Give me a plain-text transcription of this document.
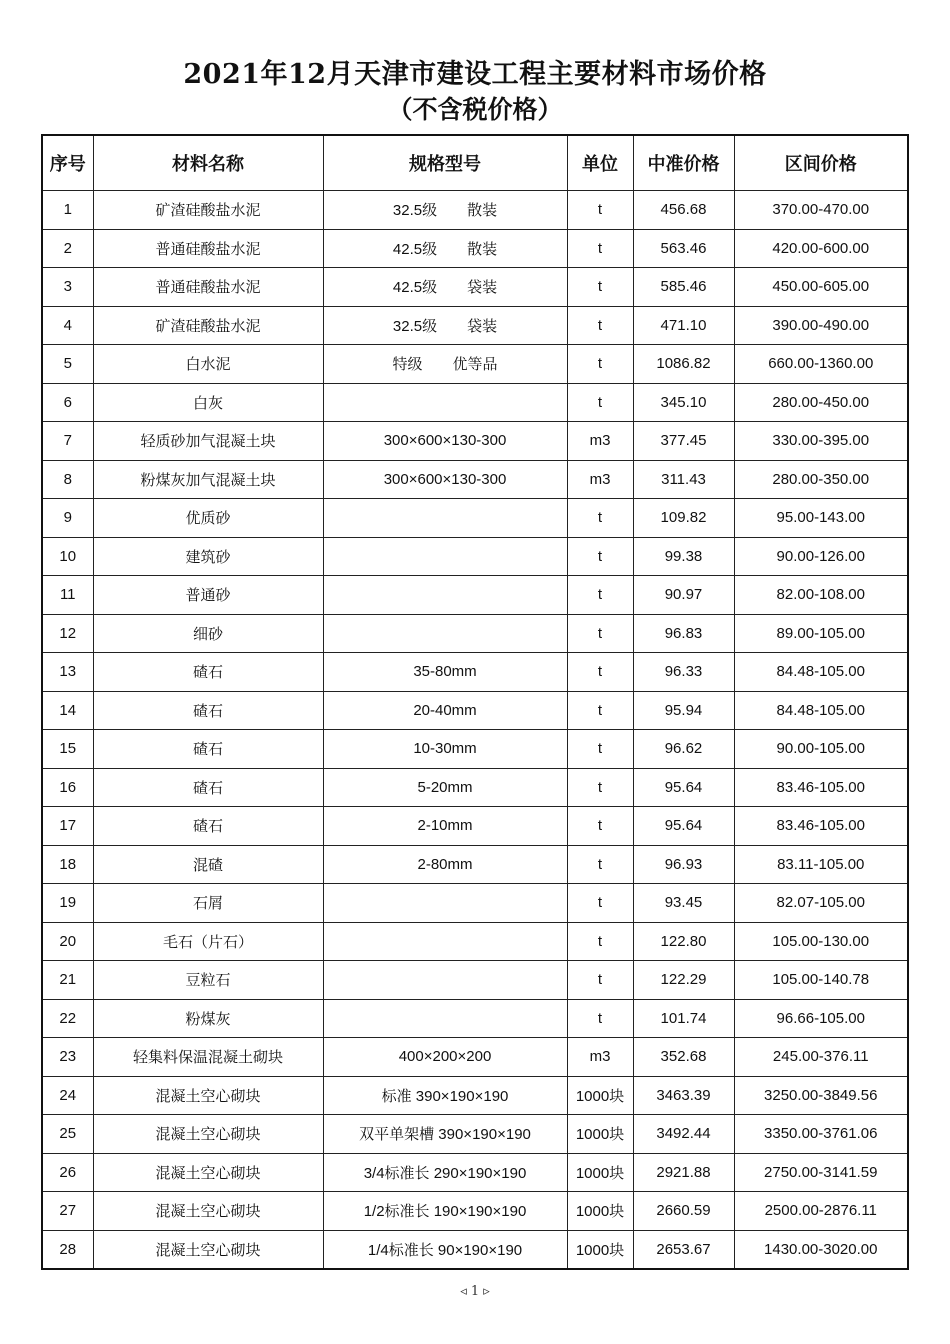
2021年12月天津市建设工程主要材料市场价格
（不含税价格）
序号	材料名称	规格型号	单位	中准价格	区间价格
1	矿渣硅酸盐水泥	32.5级　　散装	t	456.68	370.00-470.00
2	普通硅酸盐水泥	42.5级　　散装	t	563.46	420.00-600.00
3	普通硅酸盐水泥	42.5级　　袋装	t	585.46	450.00-605.00
4	矿渣硅酸盐水泥	32.5级　　袋装	t	471.10	390.00-490.00
5	白水泥	特级　　优等品	t	1086.82	660.00-1360.00
6	白灰		t	345.10	280.00-450.00
7	轻质砂加气混凝土块	300×600×130-300	m3	377.45	330.00-395.00
8	粉煤灰加气混凝土块	300×600×130-300	m3	311.43	280.00-350.00
9	优质砂		t	109.82	95.00-143.00
10	建筑砂		t	99.38	90.00-126.00
11	普通砂		t	90.97	82.00-108.00
12	细砂		t	96.83	89.00-105.00
13	碴石	35-80mm	t	96.33	84.48-105.00
14	碴石	20-40mm	t	95.94	84.48-105.00
15	碴石	10-30mm	t	96.62	90.00-105.00
16	碴石	5-20mm	t	95.64	83.46-105.00
17	碴石	2-10mm	t	95.64	83.46-105.00
18	混碴	2-80mm	t	96.93	83.11-105.00
19	石屑		t	93.45	82.07-105.00
20	毛石（片石）		t	122.80	105.00-130.00
21	豆粒石		t	122.29	105.00-140.78
22	粉煤灰		t	101.74	96.66-105.00
23	轻集料保温混凝土砌块	400×200×200	m3	352.68	245.00-376.11
24	混凝土空心砌块	标准 390×190×190	1000块	3463.39	3250.00-3849.56
25	混凝土空心砌块	双平单架槽 390×190×190	1000块	3492.44	3350.00-3761.06
26	混凝土空心砌块	3/4标准长 290×190×190	1000块	2921.88	2750.00-3141.59
27	混凝土空心砌块	1/2标准长 190×190×190	1000块	2660.59	2500.00-2876.11
28	混凝土空心砌块	1/4标准长 90×190×190	1000块	2653.67	1430.00-3020.00
◃ 1 ▹
